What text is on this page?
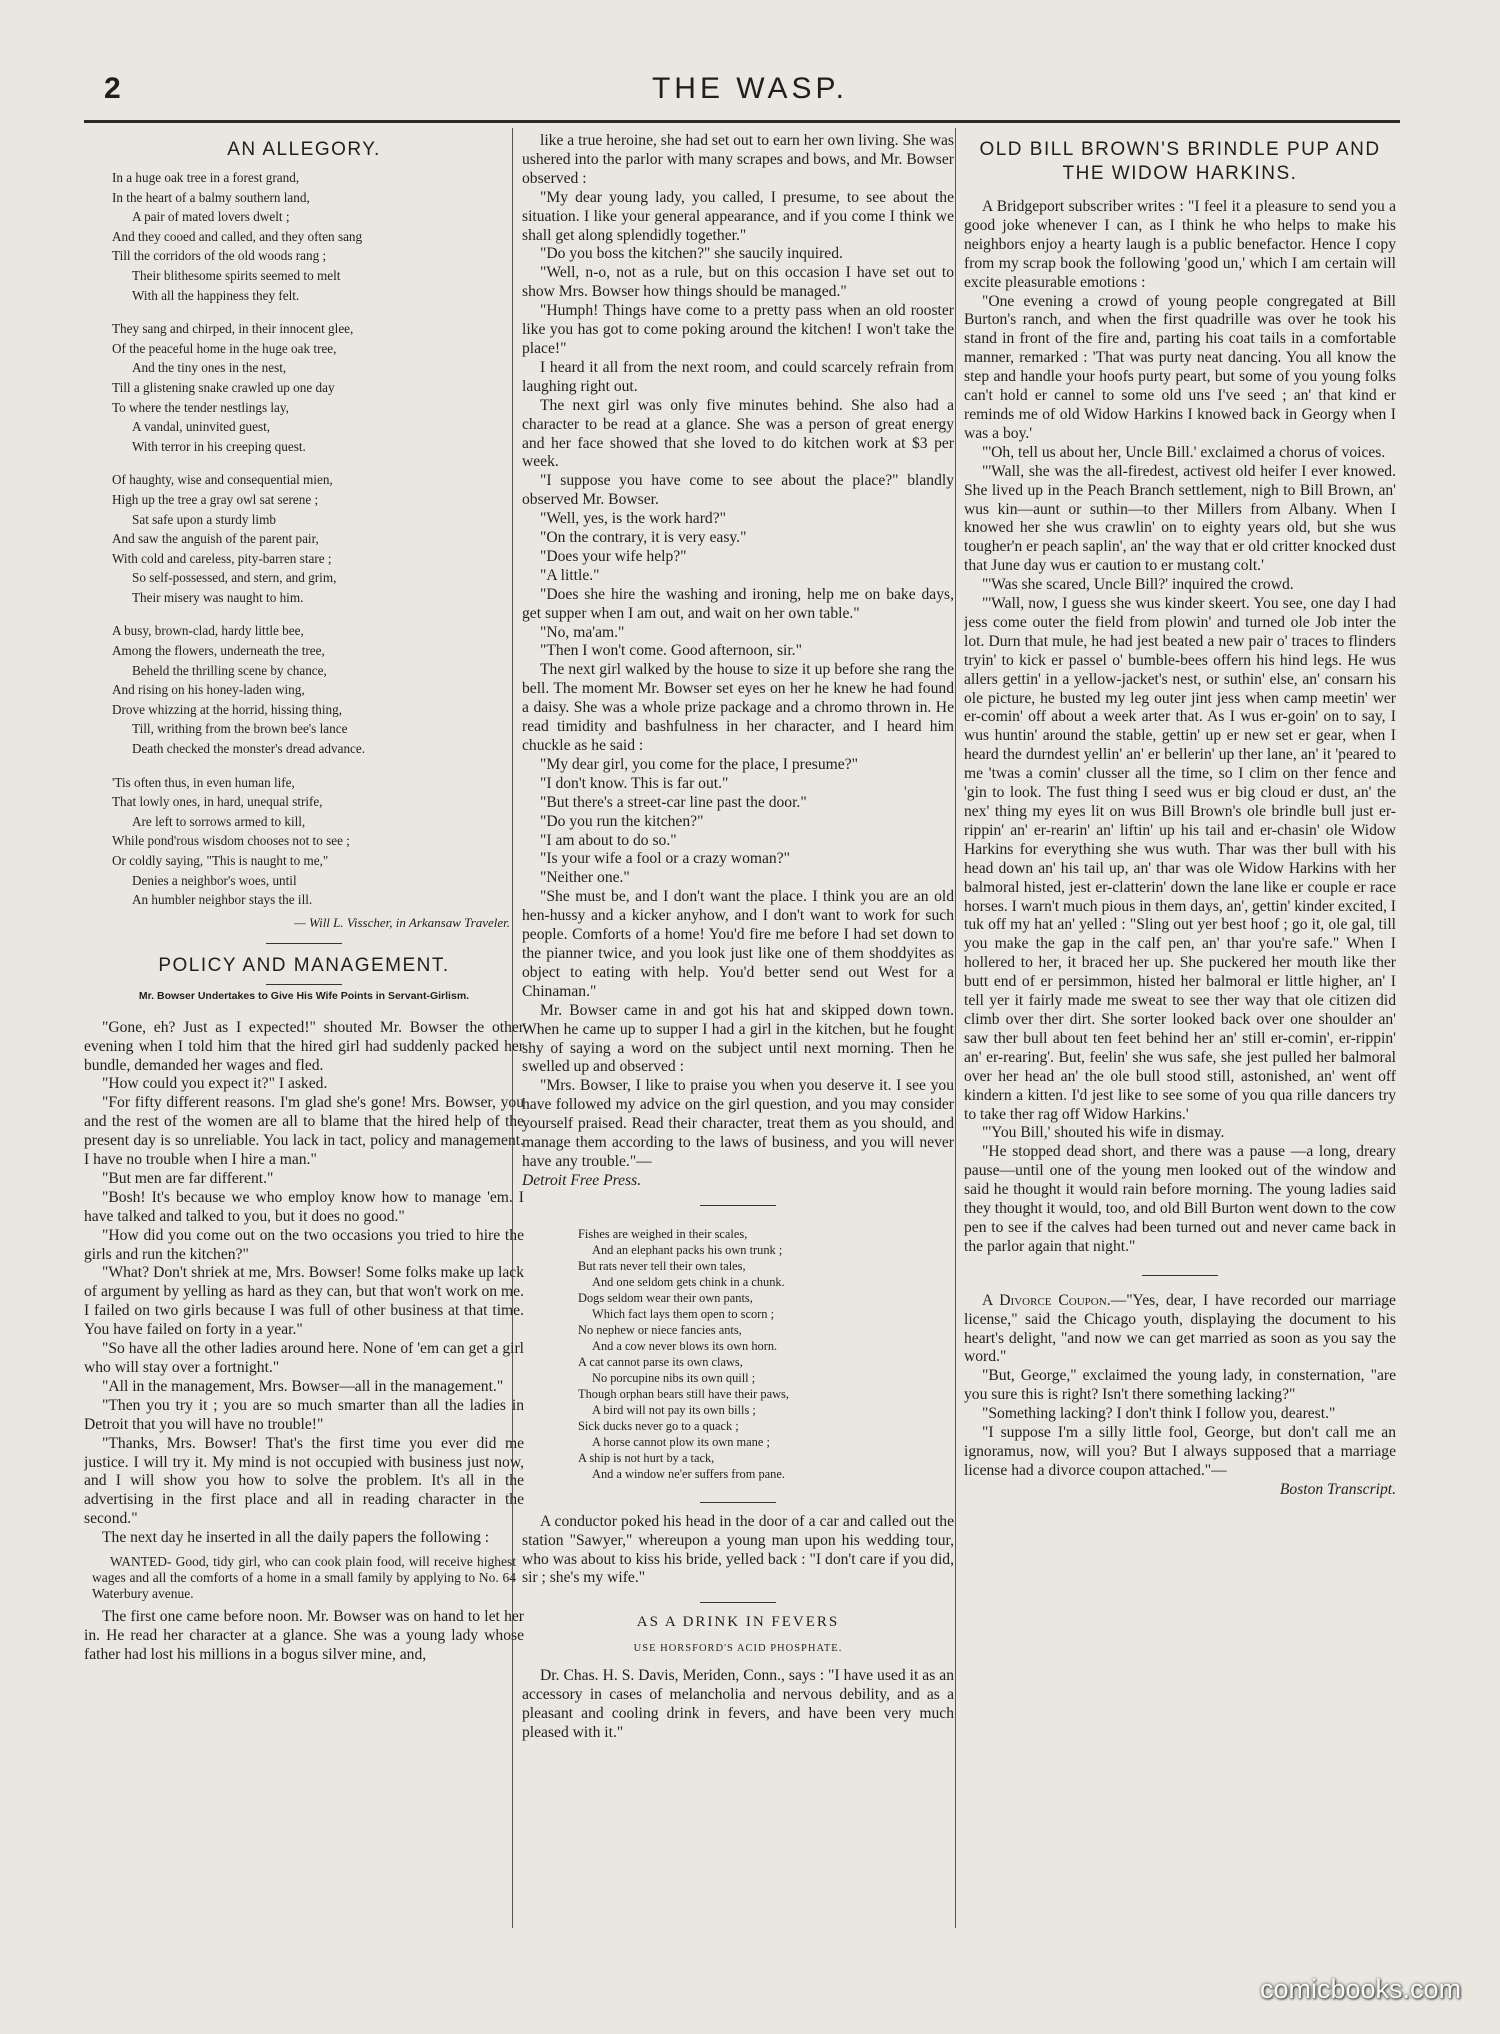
2	THE WASP.
AN ALLEGORY.
In a huge oak tree in a forest grand,
In the heart of a balmy southern land,
A pair of mated lovers dwelt ;
And they cooed and called, and they often sang
Till the corridors of the old woods rang ;
Their blithesome spirits seemed to melt
With all the happiness they felt.
They sang and chirped, in their innocent glee,
Of the peaceful home in the huge oak tree,
And the tiny ones in the nest,
Till a glistening snake crawled up one day
To where the tender nestlings lay,
A vandal, uninvited guest,
With terror in his creeping quest.
Of haughty, wise and consequential mien,
High up the tree a gray owl sat serene ;
Sat safe upon a sturdy limb
And saw the anguish of the parent pair,
With cold and careless, pity-barren stare ;
So self-possessed, and stern, and grim,
Their misery was naught to him.
A busy, brown-clad, hardy little bee,
Among the flowers, underneath the tree,
Beheld the thrilling scene by chance,
And rising on his honey-laden wing,
Drove whizzing at the horrid, hissing thing,
Till, writhing from the brown bee's lance
Death checked the monster's dread advance.
'Tis often thus, in even human life,
That lowly ones, in hard, unequal strife,
Are left to sorrows armed to kill,
While pond'rous wisdom chooses not to see ;
Or coldly saying, "This is naught to me,"
Denies a neighbor's woes, until
An humbler neighbor stays the ill.
— Will L. Visscher, in Arkansaw Traveler.
POLICY AND MANAGEMENT.
Mr. Bowser Undertakes to Give His Wife Points in Servant-Girlism.

"Gone, eh? Just as I expected!" shouted Mr. Bowser the other evening when I told him that the hired girl had suddenly packed her bundle, demanded her wages and fled.

"How could you expect it?" I asked.

"For fifty different reasons. I'm glad she's gone! Mrs. Bowser, you and the rest of the women are all to blame that the hired help of the present day is so unreliable. You lack in tact, policy and management. I have no trouble when I hire a man."

"But men are far different."

"Bosh! It's because we who employ know how to manage 'em. I have talked and talked to you, but it does no good."

"How did you come out on the two occasions you tried to hire the girls and run the kitchen?"

"What? Don't shriek at me, Mrs. Bowser! Some folks make up lack of argument by yelling as hard as they can, but that won't work on me. I failed on two girls because I was full of other business at that time. You have failed on forty in a year."

"So have all the other ladies around here. None of 'em can get a girl who will stay over a fortnight."

"All in the management, Mrs. Bowser—all in the management."

"Then you try it ; you are so much smarter than all the ladies in Detroit that you will have no trouble!"

"Thanks, Mrs. Bowser! That's the first time you ever did me justice. I will try it. My mind is not occupied with business just now, and I will show you how to solve the problem. It's all in the advertising in the first place and all in reading character in the second."

The next day he inserted in all the daily papers the following :

WANTED- Good, tidy girl, who can cook plain food, will receive highest wages and all the comforts of a home in a small family by applying to No. 64 Waterbury avenue.

The first one came before noon. Mr. Bowser was on hand to let her in. He read her character at a glance. She was a young lady whose father had lost his millions in a bogus silver mine, and,

like a true heroine, she had set out to earn her own living. She was ushered into the parlor with many scrapes and bows, and Mr. Bowser observed :

"My dear young lady, you called, I presume, to see about the situation. I like your general appearance, and if you come I think we shall get along splendidly together."

"Do you boss the kitchen?" she saucily inquired.

"Well, n-o, not as a rule, but on this occasion I have set out to show Mrs. Bowser how things should be managed."

"Humph! Things have come to a pretty pass when an old rooster like you has got to come poking around the kitchen! I won't take the place!"

I heard it all from the next room, and could scarcely refrain from laughing right out.

The next girl was only five minutes behind. She also had a character to be read at a glance. She was a person of great energy and her face showed that she loved to do kitchen work at $3 per week.

"I suppose you have come to see about the place?" blandly observed Mr. Bowser.

"Well, yes, is the work hard?"

"On the contrary, it is very easy."

"Does your wife help?"

"A little."

"Does she hire the washing and ironing, help me on bake days, get supper when I am out, and wait on her own table."

"No, ma'am."

"Then I won't come. Good afternoon, sir."

The next girl walked by the house to size it up before she rang the bell. The moment Mr. Bowser set eyes on her he knew he had found a daisy. She was a whole prize package and a chromo thrown in. He read timidity and bashfulness in her character, and I heard him chuckle as he said :

"My dear girl, you come for the place, I presume?"

"I don't know. This is far out."

"But there's a street-car line past the door."

"Do you run the kitchen?"

"I am about to do so."

"Is your wife a fool or a crazy woman?"

"Neither one."

"She must be, and I don't want the place. I think you are an old hen-hussy and a kicker anyhow, and I don't want to work for such people. Comforts of a home! You'd fire me before I had set down to the pianner twice, and you look just like one of them shoddyites as object to eating with help. You'd better send out West for a Chinaman."

Mr. Bowser came in and got his hat and skipped down town. When he came up to supper I had a girl in the kitchen, but he fought shy of saying a word on the subject until next morning. Then he swelled up and observed :

"Mrs. Bowser, I like to praise you when you deserve it. I see you have followed my advice on the girl question, and you may consider yourself praised. Read their character, treat them as you should, and manage them according to the laws of business, and you will never have any trouble."—

Detroit Free Press.

Fishes are weighed in their scales,
And an elephant packs his own trunk ;
But rats never tell their own tales,
And one seldom gets chink in a chunk.
Dogs seldom wear their own pants,
Which fact lays them open to scorn ;
No nephew or niece fancies ants,
And a cow never blows its own horn.
A cat cannot parse its own claws,
No porcupine nibs its own quill ;
Though orphan bears still have their paws,
A bird will not pay its own bills ;
Sick ducks never go to a quack ;
A horse cannot plow its own mane ;
A ship is not hurt by a tack,
And a window ne'er suffers from pane.

A conductor poked his head in the door of a car and called out the station "Sawyer," whereupon a young man upon his wedding tour, who was about to kiss his bride, yelled back : "I don't care if you did, sir ; she's my wife."

AS A DRINK IN FEVERS
USE HORSFORD'S ACID PHOSPHATE.

Dr. Chas. H. S. Davis, Meriden, Conn., says : "I have used it as an accessory in cases of melancholia and nervous debility, and as a pleasant and cooling drink in fevers, and have been very much pleased with it."

OLD BILL BROWN'S BRINDLE PUP AND THE WIDOW HARKINS.

A Bridgeport subscriber writes : "I feel it a pleasure to send you a good joke whenever I can, as I think he who helps to make his neighbors enjoy a hearty laugh is a public benefactor. Hence I copy from my scrap book the following 'good un,' which I am certain will excite pleasurable emotions :

"One evening a crowd of young people congregated at Bill Burton's ranch, and when the first quadrille was over he took his stand in front of the fire and, parting his coat tails in a comfortable manner, remarked : 'That was purty neat dancing. You all know the step and handle your hoofs purty peart, but some of you young folks can't hold er cannel to some old uns I've seed ; an' that kind er reminds me of old Widow Harkins I knowed back in Georgy when I was a boy.'

"'Oh, tell us about her, Uncle Bill.' exclaimed a chorus of voices.

"'Wall, she was the all-firedest, activest old heifer I ever knowed. She lived up in the Peach Branch settlement, nigh to Bill Brown, an' wus kin—aunt or suthin—to ther Millers from Albany. When I knowed her she wus crawlin' on to eighty years old, but she wus tougher'n er peach saplin', an' the way that er old critter knocked dust that June day wus er caution to er mustang colt.'

"'Was she scared, Uncle Bill?' inquired the crowd.

"'Wall, now, I guess she wus kinder skeert. You see, one day I had jess come outer the field from plowin' and turned ole Job inter the lot. Durn that mule, he had jest beated a new pair o' traces to flinders tryin' to kick er passel o' bumble-bees offern his hind legs. He wus allers gettin' in a yellow-jacket's nest, or suthin' else, an' consarn his ole picture, he busted my leg outer jint jess when camp meetin' wer er-comin' off about a week arter that. As I wus er-goin' on to say, I wus huntin' around the stable, gettin' up er new set er gear, when I heard the durndest yellin' an' er bellerin' up ther lane, an' it 'peared to me 'twas a comin' clusser all the time, so I clim on ther fence and 'gin to look. The fust thing I seed wus er big cloud er dust, an' the nex' thing my eyes lit on wus Bill Brown's ole brindle bull just er-rippin' an' er-rearin' an' liftin' up his tail and er-chasin' ole Widow Harkins for everything she wus wuth. Thar was ther bull with his head down an' his tail up, an' thar was ole Widow Harkins with her balmoral histed, jest er-clatterin' down the lane like er couple er race horses. I warn't much pious in them days, an', gettin' kinder excited, I tuk off my hat an' yelled : "Sling out yer best hoof ; go it, ole gal, till you make the gap in the calf pen, an' thar you're safe." When I hollered to her, it braced her up. She puckered her mouth like ther butt end of er persimmon, histed her balmoral er little higher, an' I tell yer it fairly made me sweat to see ther way that ole citizen did climb over ther dirt. She sorter looked back over one shoulder an' saw ther bull about ten feet behind her an' still er-comin', er-rippin' an' er-rearing'. But, feelin' she wus safe, she jest pulled her balmoral over her head an' the ole bull stood still, astonished, an' went off kindern a kitten. I'd jest like to see some of you qua rille dancers try to take ther rag off Widow Harkins.'

"'You Bill,' shouted his wife in dismay.

"He stopped dead short, and there was a pause —a long, dreary pause—until one of the young men looked out of the window and said he thought it would rain before morning. The young ladies said they thought it would, too, and old Bill Burton went down to the cow pen to see if the calves had been turned out and never came back in the parlor again that night."

A Divorce Coupon.—"Yes, dear, I have recorded our marriage license," said the Chicago youth, displaying the document to his heart's delight, "and now we can get married as soon as you say the word."

"But, George," exclaimed the young lady, in consternation, "are you sure this is right? Isn't there something lacking?"

"Something lacking? I don't think I follow you, dearest."

"I suppose I'm a silly little fool, George, but don't call me an ignoramus, now, will you? But I always supposed that a marriage license had a divorce coupon attached."—

Boston Transcript.

comicbooks.com
